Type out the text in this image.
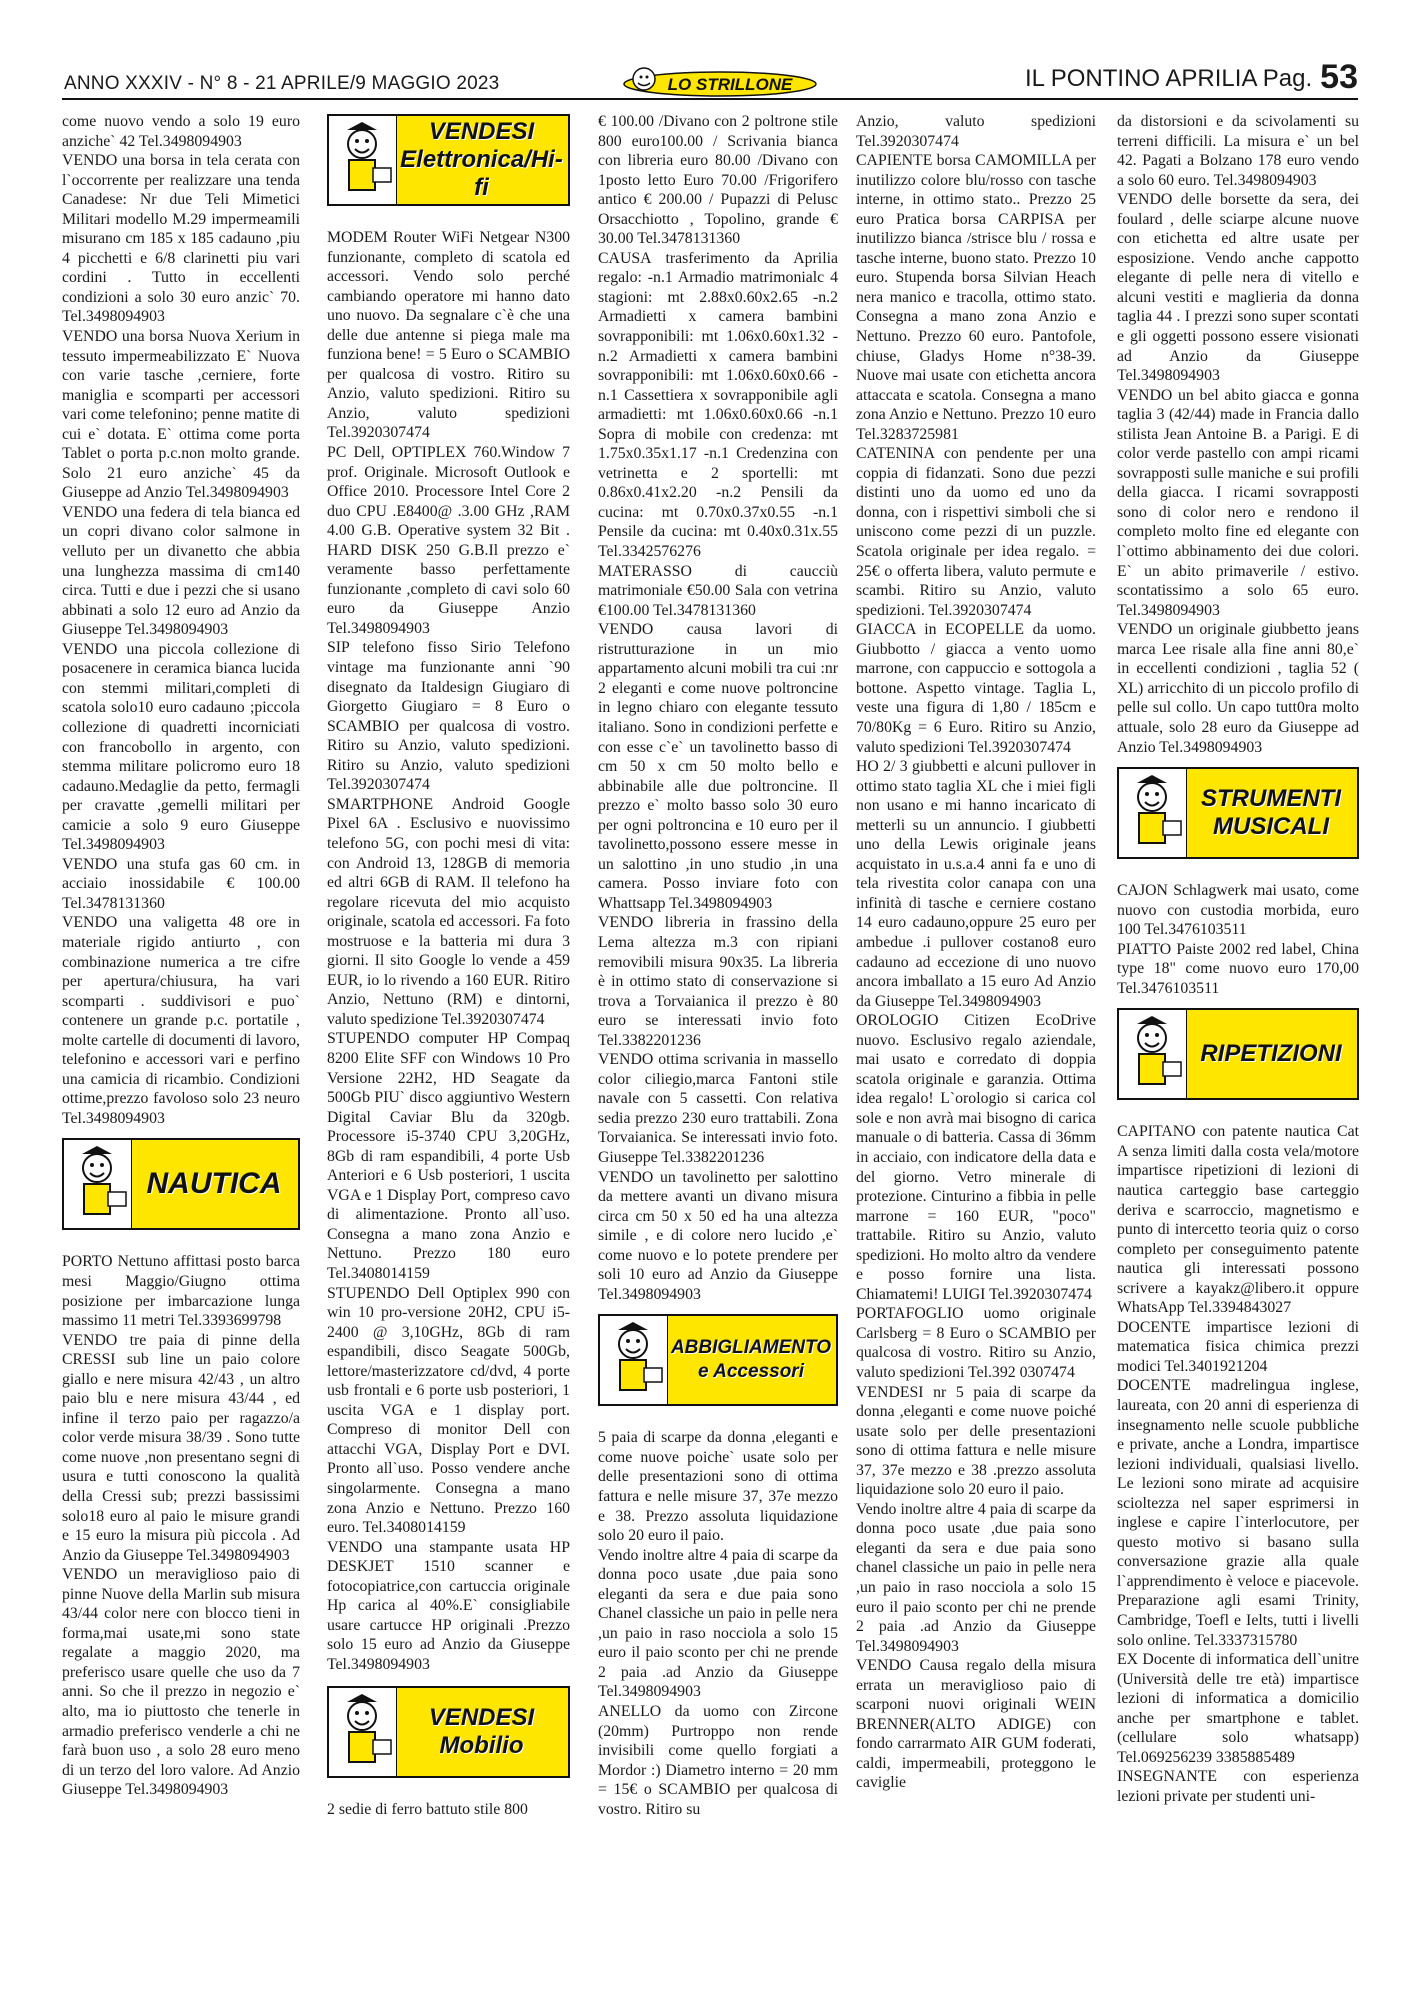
ANNO XXXIV - N° 8 - 21 APRILE/9 MAGGIO 2023	IL PONTINO APRILIA Pag. 53
LO STRILLONE

come nuovo vendo a solo 19 euro anziche` 42 Tel.3498094903
VENDO una borsa in tela cerata con l`occorrente per realizzare una tenda Canadese: Nr due Teli Mimetici Militari modello M.29 impermeamili misurano cm 185 x 185 cadauno ,piu 4 picchetti e 6/8 clarinetti piu vari cordini . Tutto in eccellenti condizioni a solo 30 euro anzic` 70. Tel.3498094903
VENDO una borsa Nuova Xerium in tessuto impermeabilizzato E` Nuova con varie tasche ,cerniere, forte maniglia e scomparti per accessori vari come telefonino; penne matite di cui e` dotata. E` ottima come porta Tablet o porta p.c.non molto grande. Solo 21 euro anziche` 45 da Giuseppe ad Anzio Tel.3498094903
VENDO una federa di tela bianca ed un copri divano color salmone in velluto per un divanetto che abbia una lunghezza massima di cm140 circa. Tutti e due i pezzi che si usano abbinati a solo 12 euro ad Anzio da Giuseppe Tel.3498094903
VENDO una piccola collezione di posacenere in ceramica bianca lucida con stemmi militari,completi di scatola solo10 euro cadauno ;piccola collezione di quadretti incorniciati con francobollo in argento, con stemma militare policromo euro 18 cadauno.Medaglie da petto, fermagli per cravatte ,gemelli militari per camicie a solo 9 euro Giuseppe Tel.3498094903
VENDO una stufa gas 60 cm. in acciaio inossidabile € 100.00 Tel.3478131360
VENDO una valigetta 48 ore in materiale rigido antiurto , con combinazione numerica a tre cifre per apertura/chiusura, ha vari scomparti . suddivisori e puo` contenere un grande p.c. portatile , molte cartelle di documenti di lavoro, telefonino e accessori vari e perfino una camicia di ricambio. Condizioni ottime,prezzo favoloso solo 23 neuro Tel.3498094903

NAUTICA

PORTO Nettuno affittasi posto barca mesi Maggio/Giugno ottima posizione per imbarcazione lunga massimo 11 metri Tel.3393699798
VENDO tre paia di pinne della CRESSI sub line un paio colore giallo e nere misura 42/43 , un altro paio blu e nere misura 43/44 , ed infine il terzo paio per ragazzo/a color verde misura 38/39 . Sono tutte come nuove ,non presentano segni di usura e tutti conoscono la qualità della Cressi sub; prezzi bassissimi solo18 euro al paio le misure grandi e 15 euro la misura più piccola . Ad Anzio da Giuseppe Tel.3498094903
VENDO un meraviglioso paio di pinne Nuove della Marlin sub misura 43/44 color nere con blocco tieni in forma,mai usate,mi sono state regalate a maggio 2020, ma preferisco usare quelle che uso da 7 anni. So che il prezzo in negozio e` alto, ma io piuttosto che tenerle in armadio preferisco venderle a chi ne farà buon uso , a solo 28 euro meno di un terzo del loro valore. Ad Anzio Giuseppe Tel.3498094903

VENDESI
Elettronica/Hi-fi

MODEM Router WiFi Netgear N300 funzionante, completo di scatola ed accessori. Vendo solo perché cambiando operatore mi hanno dato uno nuovo. Da segnalare c`è che una delle due antenne si piega male ma funziona bene! = 5 Euro o SCAMBIO per qualcosa di vostro. Ritiro su Anzio, valuto spedizioni. Ritiro su Anzio, valuto spedizioni Tel.3920307474
PC Dell, OPTIPLEX 760.Window 7 prof. Originale. Microsoft Outlook e Office 2010. Processore Intel Core 2 duo CPU .E8400@ .3.00 GHz ,RAM 4.00 G.B. Operative system 32 Bit . HARD DISK 250 G.B.Il prezzo e` veramente basso perfettamente funzionante ,completo di cavi solo 60 euro da Giuseppe Anzio Tel.3498094903
SIP telefono fisso Sirio Telefono vintage ma funzionante anni `90 disegnato da Italdesign Giugiaro di Giorgetto Giugiaro = 8 Euro o SCAMBIO per qualcosa di vostro. Ritiro su Anzio, valuto spedizioni. Ritiro su Anzio, valuto spedizioni Tel.3920307474
SMARTPHONE Android Google Pixel 6A . Esclusivo e nuovissimo telefono 5G, con pochi mesi di vita: con Android 13, 128GB di memoria ed altri 6GB di RAM. Il telefono ha regolare ricevuta del mio acquisto originale, scatola ed accessori. Fa foto mostruose e la batteria mi dura 3 giorni. Il sito Google lo vende a 459 EUR, io lo rivendo a 160 EUR. Ritiro Anzio, Nettuno (RM) e dintorni, valuto spedizione Tel.3920307474
STUPENDO computer HP Compaq 8200 Elite SFF con Windows 10 Pro Versione 22H2, HD Seagate da 500Gb PIU` disco aggiuntivo Western Digital Caviar Blu da 320gb. Processore i5-3740 CPU 3,20GHz, 8Gb di ram espandibili, 4 porte Usb Anteriori e 6 Usb posteriori, 1 uscita VGA e 1 Display Port, compreso cavo di alimentazione. Pronto all`uso. Consegna a mano zona Anzio e Nettuno. Prezzo 180 euro Tel.3408014159
STUPENDO Dell Optiplex 990 con win 10 pro-versione 20H2, CPU i5-2400 @ 3,10GHz, 8Gb di ram espandibili, disco Seagate 500Gb, lettore/masterizzatore cd/dvd, 4 porte usb frontali e 6 porte usb posteriori, 1 uscita VGA e 1 display port. Compreso di monitor Dell con attacchi VGA, Display Port e DVI. Pronto all`uso. Posso vendere anche singolarmente. Consegna a mano zona Anzio e Nettuno. Prezzo 160 euro. Tel.3408014159
VENDO una stampante usata HP DESKJET 1510 scanner e fotocopiatrice,con cartuccia originale Hp carica al 40%.E` consigliabile usare cartucce HP originali .Prezzo solo 15 euro ad Anzio da Giuseppe Tel.3498094903

VENDESI
Mobilio

2 sedie di ferro battuto stile 800

€ 100.00 /Divano con 2 poltrone stile 800 euro100.00 / Scrivania bianca con libreria euro 80.00 /Divano con 1posto letto Euro 70.00 /Frigorifero antico € 200.00 / Pupazzi di Pelusc Orsacchiotto , Topolino, grande € 30.00 Tel.3478131360
CAUSA trasferimento da Aprilia regalo: -n.1 Armadio matrimonialc 4 stagioni: mt 2.88x0.60x2.65 -n.2 Armadietti x camera bambini sovrapponibili: mt 1.06x0.60x1.32 -n.2 Armadietti x camera bambini sovrapponibili: mt 1.06x0.60x0.66 -n.1 Cassettiera x sovrapponibile agli armadietti: mt 1.06x0.60x0.66 -n.1 Sopra di mobile con credenza: mt 1.75x0.35x1.17 -n.1 Credenzina con vetrinetta e 2 sportelli: mt 0.86x0.41x2.20 -n.2 Pensili da cucina: mt 0.70x0.37x0.55 -n.1 Pensile da cucina: mt 0.40x0.31x.55 Tel.3342576276
MATERASSO di caucciù matrimoniale €50.00 Sala con vetrina €100.00 Tel.3478131360
VENDO causa lavori di ristrutturazione in un mio appartamento alcuni mobili tra cui :nr 2 eleganti e come nuove poltroncine in legno chiaro con elegante tessuto italiano. Sono in condizioni perfette e con esse c`e` un tavolinetto basso di cm 50 x cm 50 molto bello e abbinabile alle due poltroncine. Il prezzo e` molto basso solo 30 euro per ogni poltroncina e 10 euro per il tavolinetto,possono essere messe in un salottino ,in uno studio ,in una camera. Posso inviare foto con Whattsapp Tel.3498094903
VENDO libreria in frassino della Lema altezza m.3 con ripiani removibili misura 90x35. La libreria è in ottimo stato di conservazione si trova a Torvaianica il prezzo è 80 euro se interessati invio foto Tel.3382201236
VENDO ottima scrivania in massello color ciliegio,marca Fantoni stile navale con 5 cassetti. Con relativa sedia prezzo 230 euro trattabili. Zona Torvaianica. Se interessati invio foto. Giuseppe Tel.3382201236
VENDO un tavolinetto per salottino da mettere avanti un divano misura circa cm 50 x 50 ed ha una altezza simile , e di colore nero lucido ,e` come nuovo e lo potete prendere per soli 10 euro ad Anzio da Giuseppe Tel.3498094903

ABBIGLIAMENTO
e Accessori

5 paia di scarpe da donna ,eleganti e come nuove poiche` usate solo per delle presentazioni sono di ottima fattura e nelle misure 37, 37e mezzo e 38. Prezzo assoluta liquidazione solo 20 euro il paio.
Vendo inoltre altre 4 paia di scarpe da donna poco usate ,due paia sono eleganti da sera e due paia sono Chanel classiche un paio in pelle nera ,un paio in raso nocciola a solo 15 euro il paio sconto per chi ne prende 2 paia .ad Anzio da Giuseppe Tel.3498094903
ANELLO da uomo con Zircone (20mm) Purtroppo non rende invisibili come quello forgiati a Mordor :) Diametro interno = 20 mm = 15€ o SCAMBIO per qualcosa di vostro. Ritiro su

Anzio, valuto spedizioni Tel.3920307474
CAPIENTE borsa CAMOMILLA per inutilizzo colore blu/rosso con tasche interne, in ottimo stato.. Prezzo 25 euro Pratica borsa CARPISA per inutilizzo bianca /strisce blu / rossa e tasche interne, buono stato. Prezzo 10 euro. Stupenda borsa Silvian Heach nera manico e tracolla, ottimo stato. Consegna a mano zona Anzio e Nettuno. Prezzo 60 euro. Pantofole, chiuse, Gladys Home n°38-39. Nuove mai usate con etichetta ancora attaccata e scatola. Consegna a mano zona Anzio e Nettuno. Prezzo 10 euro Tel.3283725981
CATENINA con pendente per una coppia di fidanzati. Sono due pezzi distinti uno da uomo ed uno da donna, con i rispettivi simboli che si uniscono come pezzi di un puzzle. Scatola originale per idea regalo. = 25€ o offerta libera, valuto permute e scambi. Ritiro su Anzio, valuto spedizioni. Tel.3920307474
GIACCA in ECOPELLE da uomo. Giubbotto / giacca a vento uomo marrone, con cappuccio e sottogola a bottone. Aspetto vintage. Taglia L, veste una figura di 1,80 / 185cm e 70/80Kg = 6 Euro. Ritiro su Anzio, valuto spedizioni Tel.3920307474
HO 2/ 3 giubbetti e alcuni pullover in ottimo stato taglia XL che i miei figli non usano e mi hanno incaricato di metterli su un annuncio. I giubbetti uno della Lewis originale jeans acquistato in u.s.a.4 anni fa e uno di tela rivestita color canapa con una infinità di tasche e cerniere costano 14 euro cadauno,oppure 25 euro per ambedue .i pullover costano8 euro cadauno ad eccezione di uno nuovo ancora imballato a 15 euro Ad Anzio da Giuseppe Tel.3498094903
OROLOGIO Citizen EcoDrive nuovo. Esclusivo regalo aziendale, mai usato e corredato di doppia scatola originale e garanzia. Ottima idea regalo! L`orologio si carica col sole e non avrà mai bisogno di carica manuale o di batteria. Cassa di 36mm in acciaio, con indicatore della data e del giorno. Vetro minerale di protezione. Cinturino a fibbia in pelle marrone = 160 EUR, "poco" trattabile. Ritiro su Anzio, valuto spedizioni. Ho molto altro da vendere e posso fornire una lista. Chiamatemi! LUIGI Tel.3920307474
PORTAFOGLIO uomo originale Carlsberg = 8 Euro o SCAMBIO per qualcosa di vostro. Ritiro su Anzio, valuto spedizioni Tel.392 0307474
VENDESI nr 5 paia di scarpe da donna ,eleganti e come nuove poiché usate solo per delle presentazioni sono di ottima fattura e nelle misure 37, 37e mezzo e 38 .prezzo assoluta liquidazione solo 20 euro il paio.
Vendo inoltre altre 4 paia di scarpe da donna poco usate ,due paia sono eleganti da sera e due paia sono chanel classiche un paio in pelle nera ,un paio in raso nocciola a solo 15 euro il paio sconto per chi ne prende 2 paia .ad Anzio da Giuseppe Tel.3498094903
VENDO Causa regalo della misura errata un meraviglioso paio di scarponi nuovi originali WEIN BRENNER(ALTO ADIGE) con fondo carrarmato AIR GUM foderati, caldi, impermeabili, proteggono le caviglie

da distorsioni e da scivolamenti su terreni difficili. La misura e` un bel 42. Pagati a Bolzano 178 euro vendo a solo 60 euro. Tel.3498094903
VENDO delle borsette da sera, dei foulard , delle sciarpe alcune nuove con etichetta ed altre usate per esposizione. Vendo anche cappotto elegante di pelle nera di vitello e alcuni vestiti e maglieria da donna taglia 44 . I prezzi sono super scontati e gli oggetti possono essere visionati ad Anzio da Giuseppe Tel.3498094903
VENDO un bel abito giacca e gonna taglia 3 (42/44) made in Francia dallo stilista Jean Antoine B. a Parigi. E di color verde pastello con ampi ricami sovrapposti sulle maniche e sui profili della giacca. I ricami sovrapposti sono di color nero e rendono il completo molto fine ed elegante con l`ottimo abbinamento dei due colori. E` un abito primaverile / estivo. scontatissimo a solo 65 euro. Tel.3498094903
VENDO un originale giubbetto jeans marca Lee risale alla fine anni 80,e` in eccellenti condizioni , taglia 52 ( XL) arricchito di un piccolo profilo di pelle sul collo. Un capo tutt0ra molto attuale, solo 28 euro da Giuseppe ad Anzio Tel.3498094903

STRUMENTI
MUSICALI

CAJON Schlagwerk mai usato, come nuovo con custodia morbida, euro 100 Tel.3476103511
PIATTO Paiste 2002 red label, China type 18" come nuovo euro 170,00 Tel.3476103511

RIPETIZIONI

CAPITANO con patente nautica Cat A senza limiti dalla costa vela/motore impartisce ripetizioni di lezioni di nautica carteggio base carteggio deriva e scarroccio, magnetismo e punto di intercetto teoria quiz o corso completo per conseguimento patente nautica gli interessati possono scrivere a kayakz@libero.it oppure WhatsApp Tel.3394843027
DOCENTE impartisce lezioni di matematica fisica chimica prezzi modici Tel.3401921204
DOCENTE madrelingua inglese, laureata, con 20 anni di esperienza di insegnamento nelle scuole pubbliche e private, anche a Londra, impartisce lezioni individuali, qualsiasi livello. Le lezioni sono mirate ad acquisire scioltezza nel saper esprimersi in inglese e capire l`interlocutore, per questo motivo si basano sulla conversazione grazie alla quale l`apprendimento è veloce e piacevole. Preparazione agli esami Trinity, Cambridge, Toefl e Ielts, tutti i livelli solo online. Tel.3337315780
EX Docente di informatica dell`unitre (Università delle tre età) impartisce lezioni di informatica a domicilio anche per smartphone e tablet.(cellulare solo whatsapp) Tel.069256239 3385885489
INSEGNANTE con esperienza lezioni private per studenti uni-
